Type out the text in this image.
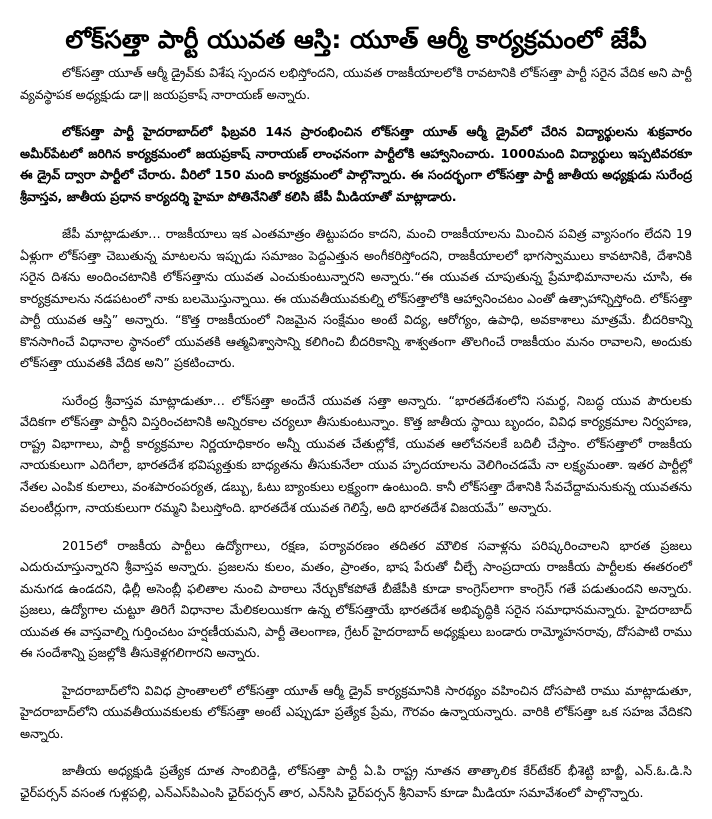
లోక్‌సత్తా పార్టీ యువత ఆస్తి: యూత్ ఆర్మీ కార్యక్రమంలో జేపీ

లోక్‌సత్తా యూత్ ఆర్మీ డ్రైవ్‌కు విశేష స్పందన లభిస్తోందని, యువత రాజకీయాలలోకి రావటానికి లోక్‌సత్తా పార్టీ సరైన వేదిక అని పార్టీ వ్యవస్థాపక అధ్యక్షుడు డా॥ జయప్రకాష్ నారాయణ్ అన్నారు.

లోక్‌సత్తా పార్టీ హైదరాబాద్‌లో ఫిబ్రవరి 14న ప్రారంభించిన లోక్‌సత్తా యూత్ ఆర్మీ డ్రైవ్‌లో చేరిన విద్యార్థులను శుక్రవారం అమీర్‌పేటలో జరిగిన కార్యక్రమంలో జయప్రకాష్ నారాయణ్ లాంఛనంగా పార్టీలోకి ఆహ్వానించారు. 1000మంది విద్యార్థులు ఇప్పటివరకూ ఈ డ్రైవ్ ద్వారా పార్టీలో చేరారు. వీరిలో 150 మంది కార్యక్రమంలో పాల్గొన్నారు. ఈ సందర్భంగా లోక్‌సత్తా పార్టీ జాతీయ అధ్యక్షుడు సురేంద్ర శ్రీవాస్తవ, జాతీయ ప్రధాన కార్యదర్శి హైమా పోతినేనితో కలిసి జేపీ మీడియాతో మాట్లాడారు.

జేపీ మాట్లాడుతూ… రాజకీయాలు ఇక ఎంతమాత్రం తిట్టుపదం కాదని, మంచి రాజకీయాలను మించిన పవిత్ర వ్యాసంగం లేదని 19 ఏళ్లుగా లోక్‌సత్తా చెబుతున్న మాటలను ఇప్పుడు సమాజం పెద్దఎత్తున అంగీకరిస్తోందని, రాజకీయాలలో భాగస్వాములు కావటానికి, దేశానికి సరైన దిశను అందించటానికి లోక్‌సత్తాను యువత ఎంచుకుంటున్నారని అన్నారు.“ఈ యువత చూపుతున్న ప్రేమాభిమానాలను చూసి, ఈ కార్యక్రమాలను నడపటంలో నాకు బలమొస్తున్నాయి. ఈ యువతీయువకుల్ని లోక్‌సత్తాలోకి ఆహ్వానించటం ఎంతో ఉత్సాహాన్నిస్తోంది. లోక్‌సత్తా పార్టీ యువత ఆస్తి” అన్నారు. “కొత్త రాజకీయంలో నిజమైన సంక్షేమం అంటే విద్య, ఆరోగ్యం, ఉపాధి, అవకాశాలు మాత్రమే. బీదరికాన్ని కొనసాగించే విధానాల స్థానంలో యువతకి ఆత్మవిశ్వాసాన్ని కలిగించి బీదరికాన్ని శాశ్వతంగా తొలగించే రాజకీయం మనం రావాలని, అందుకు లోక్‌సత్తా యువతకి వేదిక అని” ప్రకటించారు.

సురేంద్ర శ్రీవాస్తవ మాట్లాడుతూ… లోక్‌సత్తా అందేనే యువత సత్తా అన్నారు. “భారతదేశంలోని సమర్థ, నిబద్ధ యువ పౌరులకు వేదికగా లోక్‌సత్తా పార్టీని విస్తరించటానికి అన్నిరకాల చర్యలూ తీసుకుంటున్నాం. కొత్త జాతీయ స్థాయి బృందం, వివిధ కార్యక్రమాల నిర్వహణ, రాష్ట్ర విభాగాలు, పార్టీ కార్యక్రమాల నిర్ణయాధికారం అన్నీ యువత చేతుల్లోకే, యువత ఆలోచనలకే బదిలీ చేస్తాం. లోక్‌సత్తాలో రాజకీయ నాయకులుగా ఎదిగేలా, భారతదేశ భవిష్యత్తుకు బాధ్యతను తీసుకునేలా యువ హృదయాలను వెలిగించడమే నా లక్ష్యమంతా. ఇతర పార్టీల్లో నేతల ఎంపిక కులాలు, వంశపారంపర్యత, డబ్బు, ఓటు బ్యాంకులు లక్ష్యంగా ఉంటుంది. కానీ లోక్‌సత్తా దేశానికి సేవచేద్దామనుకున్న యువతను వలంటీర్లుగా, నాయకులుగా రమ్మని పిలుస్తోంది. భారతదేశ యువత గెలిస్తే, అది భారతదేశ విజయమే” అన్నారు.

2015లో రాజకీయ పార్టీలు ఉద్యోగాలు, రక్షణ, పర్యావరణం తదితర మౌలిక సవాళ్లను పరిష్కరించాలని భారత ప్రజలు ఎదురుచూస్తున్నారని శ్రీవాస్తవ అన్నారు. ప్రజలను కులం, మతం, ప్రాంతం, భాష పేరుతో చీల్చే సాంప్రదాయ రాజకీయ పార్టీలకు ఈతరంలో మనుగడ ఉండదని, ఢిల్లీ అసెంబ్లీ ఫలితాల నుంచి పాఠాలు నేర్చుకోకపోతే బీజేపీకి కూడా కాంగ్రెస్‌లాగా కాంగ్రెస్ గతే పడుతుందని అన్నారు. ప్రజలు, ఉద్యోగాల చుట్టూ తిరిగే విధానాల మేలికలయికగా ఉన్న లోక్‌సత్తాయే భారతదేశ అభివృద్ధికి సరైన సమాధానమన్నారు. హైదరాబాద్ యువత ఈ వాస్తవాల్ని గుర్తించటం హర్షణీయమని, పార్టీ తెలంగాణ, గ్రేటర్ హైదరాబాద్ అధ్యక్షులు బండారు రామ్మోహనరావు, దోసపాటి రాము ఈ సందేశాన్ని ప్రజల్లోకి తీసుకెళ్లగలిగారని అన్నారు.

హైదరాబాద్‌లోని వివిధ ప్రాంతాలలో లోక్‌సత్తా యూత్ ఆర్మీ డ్రైవ్ కార్యక్రమానికి సారథ్యం వహించిన దోసపాటి రాము మాట్లాడుతూ, హైదరాబాద్‌లోని యువతీయువకులకు లోక్‌సత్తా అంటే ఎప్పుడూ ప్రత్యేక ప్రేమ, గౌరవం ఉన్నాయన్నారు. వారికి లోక్‌సత్తా ఒక సహజ వేదికని అన్నారు.

జాతీయ అధ్యక్షుడి ప్రత్యేక దూత సాంబిరెడ్డి, లోక్‌సత్తా పార్టీ ఏ.పి రాష్ట్ర నూతన తాత్కాలిక కేర్‌టేకర్ భీశెట్టి బాబ్జీ, ఎన్.ఓ.డి.సి ఛైర్‌పర్సన్ వసంత గుళ్లపల్లి, ఎన్ఎస్‌పిఎంసి ఛైర్‌పర్సన్ తార, ఎన్‌సిసి ఛైర్‌పర్సన్ శ్రీనివాస్ కూడా మీడియా సమావేశంలో పాల్గొన్నారు.
